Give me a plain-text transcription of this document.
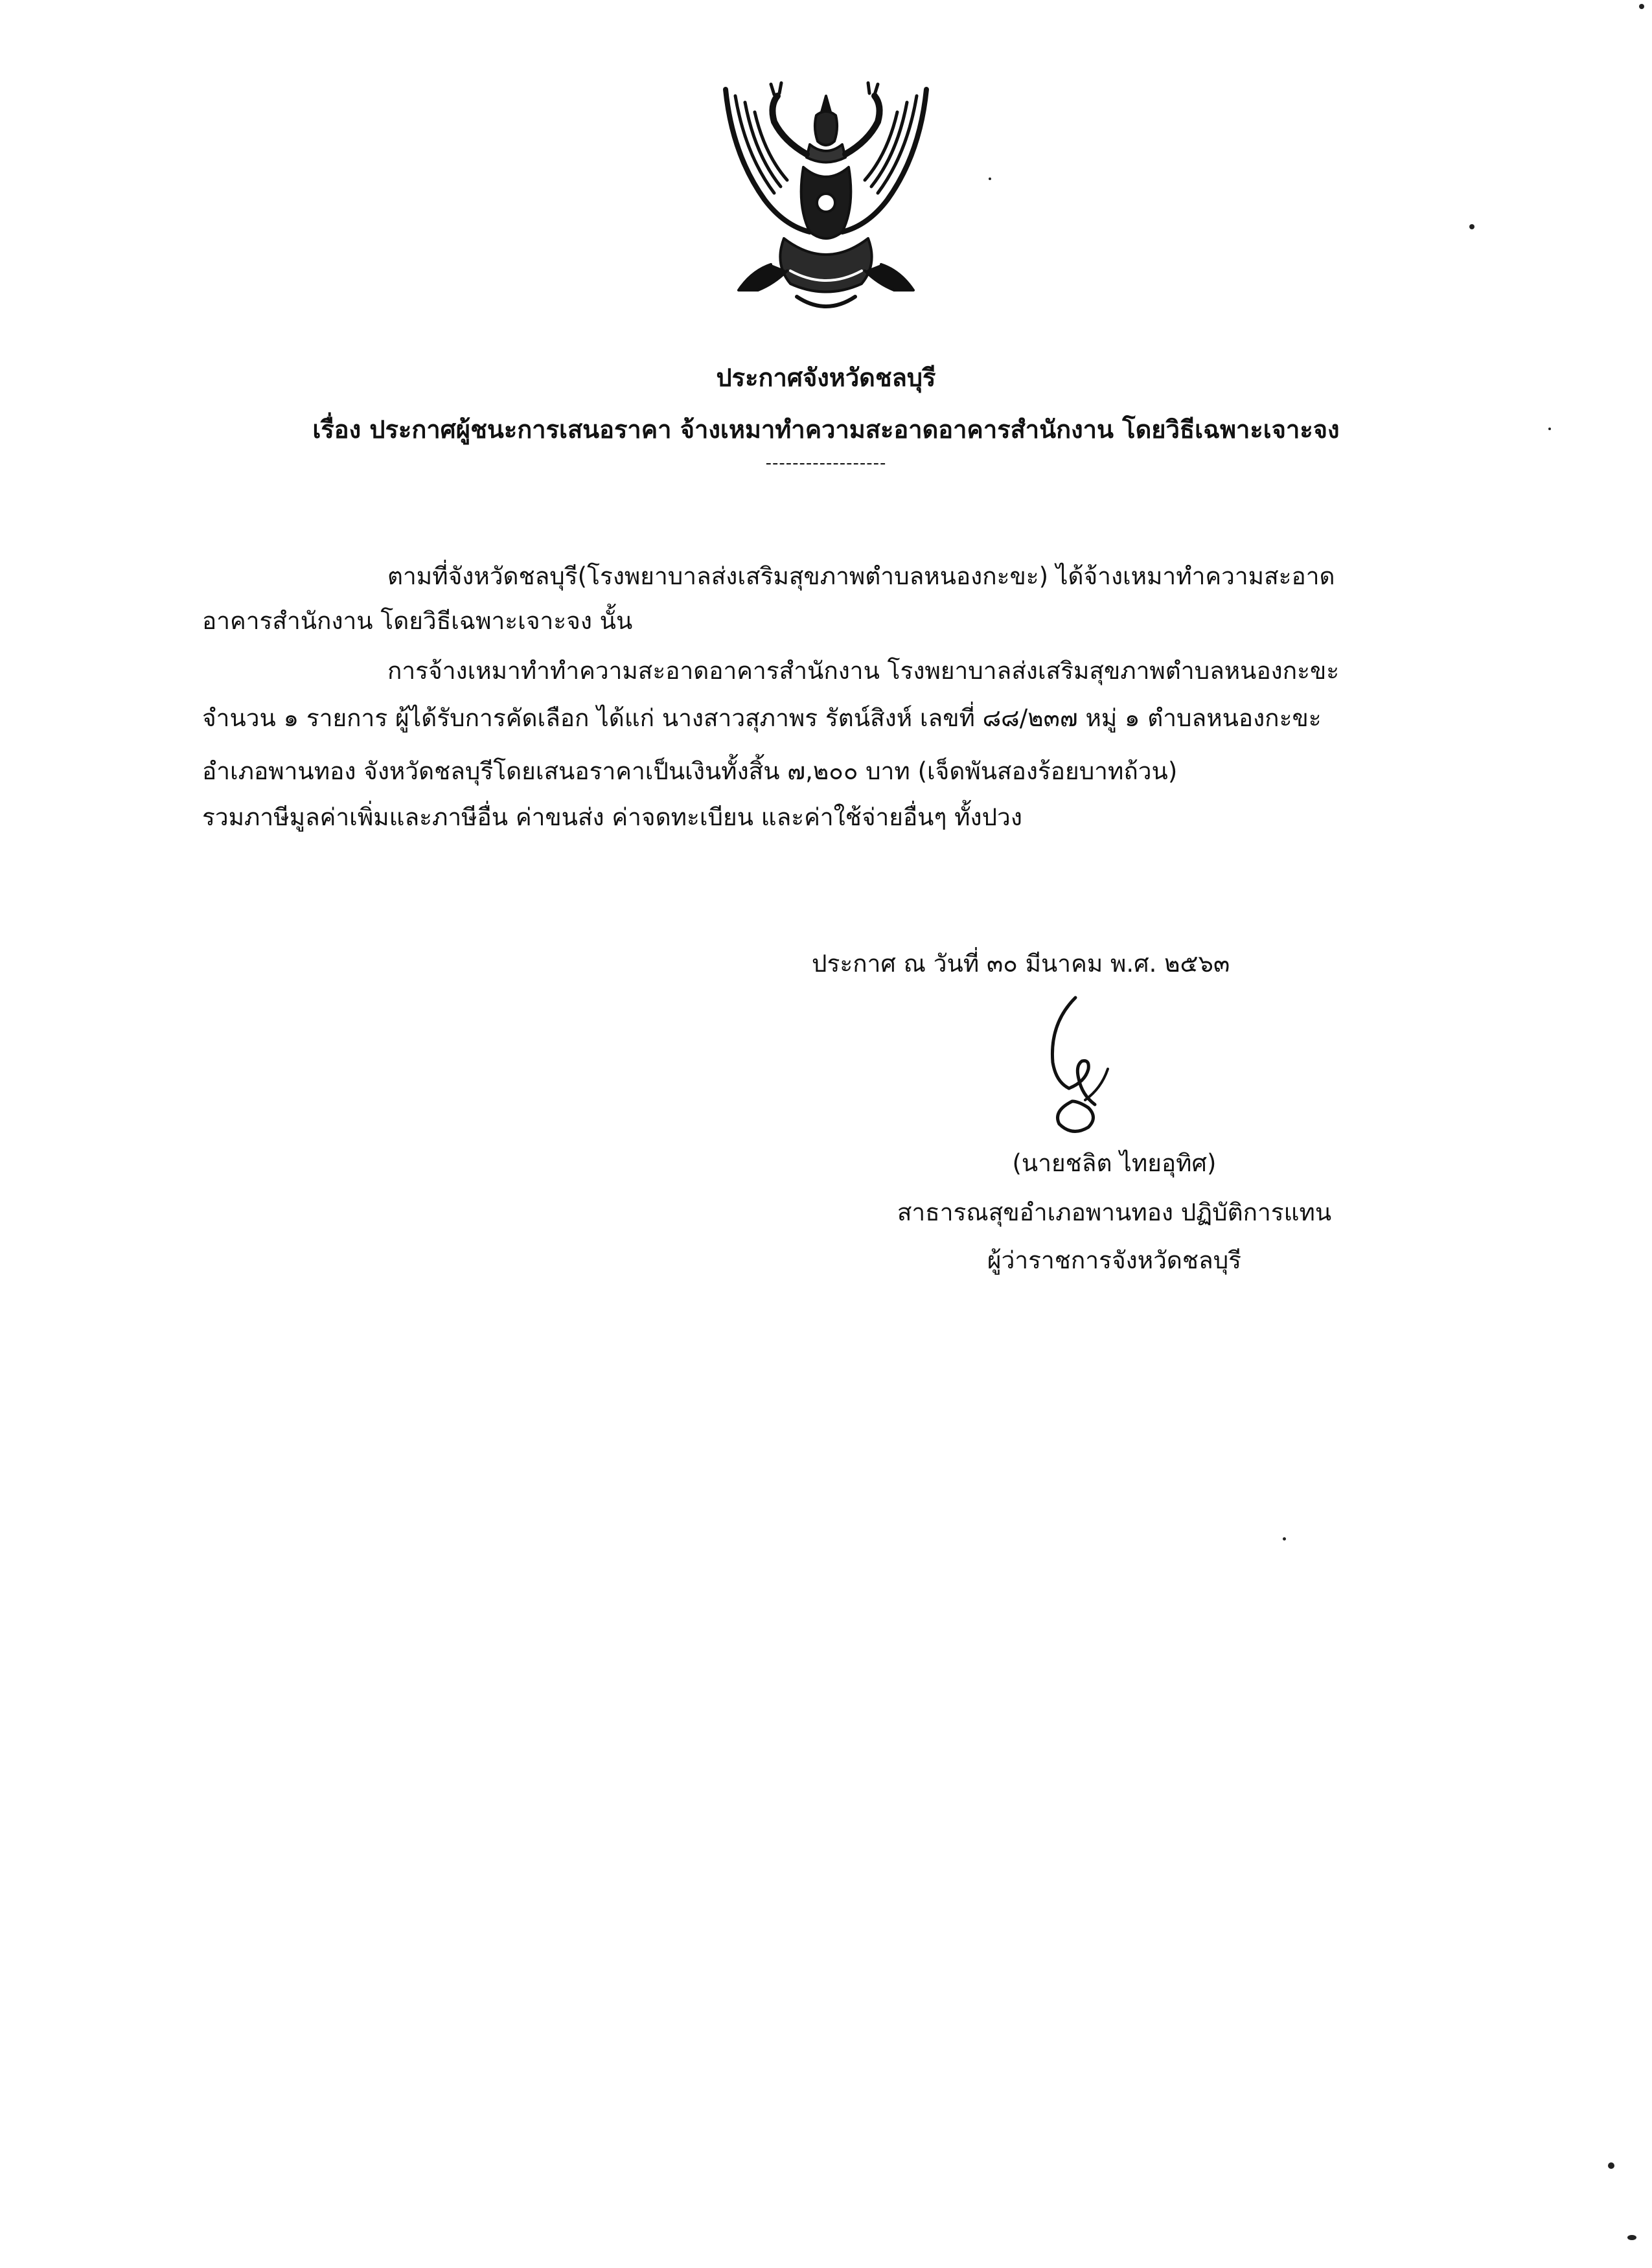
ประกาศจังหวัดชลบุรี
เรื่อง ประกาศผู้ชนะการเสนอราคา จ้างเหมาทำความสะอาดอาคารสำนักงาน โดยวิธีเฉพาะเจาะจง
------------------
ตามที่จังหวัดชลบุรี(โรงพยาบาลส่งเสริมสุขภาพตำบลหนองกะขะ) ได้จ้างเหมาทำความสะอาด
อาคารสำนักงาน โดยวิธีเฉพาะเจาะจง นั้น
การจ้างเหมาทำทำความสะอาดอาคารสำนักงาน โรงพยาบาลส่งเสริมสุขภาพตำบลหนองกะขะ
จำนวน ๑ รายการ ผู้ได้รับการคัดเลือก ได้แก่ นางสาวสุภาพร รัตน์สิงห์ เลขที่ ๘๘/๒๓๗ หมู่ ๑ ตำบลหนองกะขะ
อำเภอพานทอง จังหวัดชลบุรีโดยเสนอราคาเป็นเงินทั้งสิ้น ๗,๒๐๐ บาท (เจ็ดพันสองร้อยบาทถ้วน)
รวมภาษีมูลค่าเพิ่มและภาษีอื่น ค่าขนส่ง ค่าจดทะเบียน และค่าใช้จ่ายอื่นๆ ทั้งปวง
ประกาศ ณ วันที่ ๓๐ มีนาคม พ.ศ. ๒๕๖๓
(นายชลิต ไทยอุทิศ)
สาธารณสุขอำเภอพานทอง ปฏิบัติการแทน
ผู้ว่าราชการจังหวัดชลบุรี
